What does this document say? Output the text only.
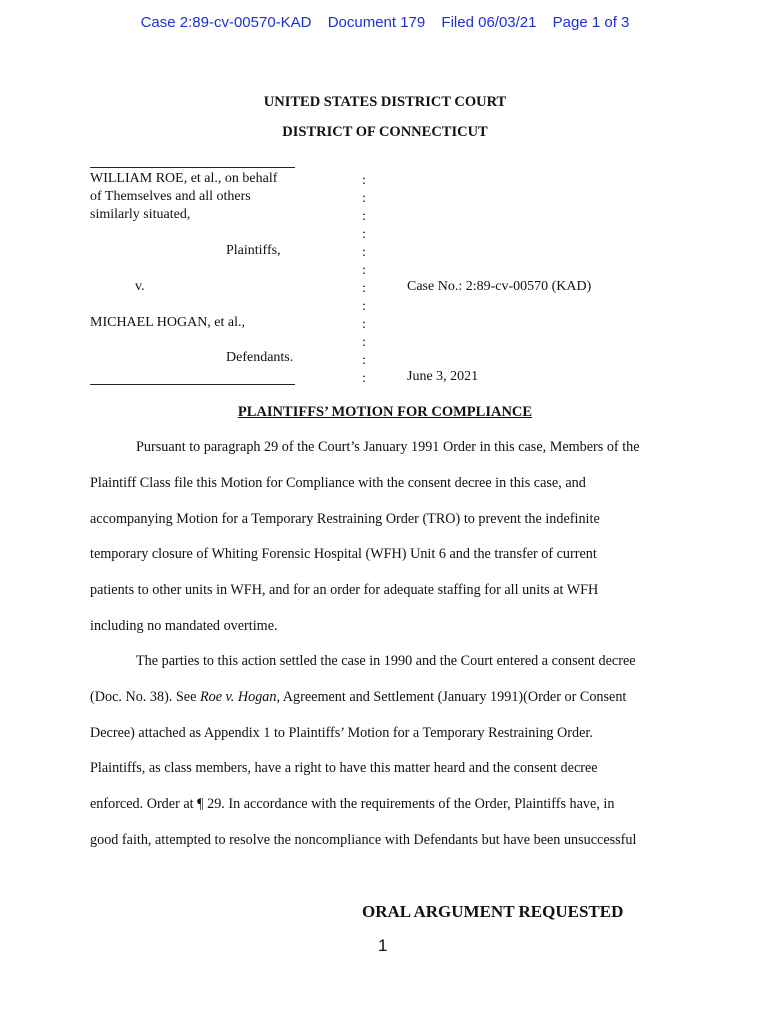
Case 2:89-cv-00570-KAD Document 179 Filed 06/03/21 Page 1 of 3
UNITED STATES DISTRICT COURT
DISTRICT OF CONNECTICUT
WILLIAM ROE, et al., on behalf
of Themselves and all others
similarly situated,
Plaintiffs,
v.	Case No.: 2:89-cv-00570 (KAD)
MICHAEL HOGAN, et al.,
Defendants.
June 3, 2021
:
:
:
:
:
:
:
:
:
:
:
:
PLAINTIFFS’ MOTION FOR COMPLIANCE
Pursuant to paragraph 29 of the Court’s January 1991 Order in this case, Members of the
Plaintiff Class file this Motion for Compliance with the consent decree in this case, and
accompanying Motion for a Temporary Restraining Order (TRO) to prevent the indefinite
temporary closure of Whiting Forensic Hospital (WFH) Unit 6 and the transfer of current
patients to other units in WFH, and for an order for adequate staffing for all units at WFH
including no mandated overtime.
The parties to this action settled the case in 1990 and the Court entered a consent decree
(Doc. No. 38). See Roe v. Hogan, Agreement and Settlement (January 1991)(Order or Consent
Decree) attached as Appendix 1 to Plaintiffs’ Motion for a Temporary Restraining Order.
Plaintiffs, as class members, have a right to have this matter heard and the consent decree
enforced. Order at ¶ 29. In accordance with the requirements of the Order, Plaintiffs have, in
good faith, attempted to resolve the noncompliance with Defendants but have been unsuccessful
ORAL ARGUMENT REQUESTED
1
